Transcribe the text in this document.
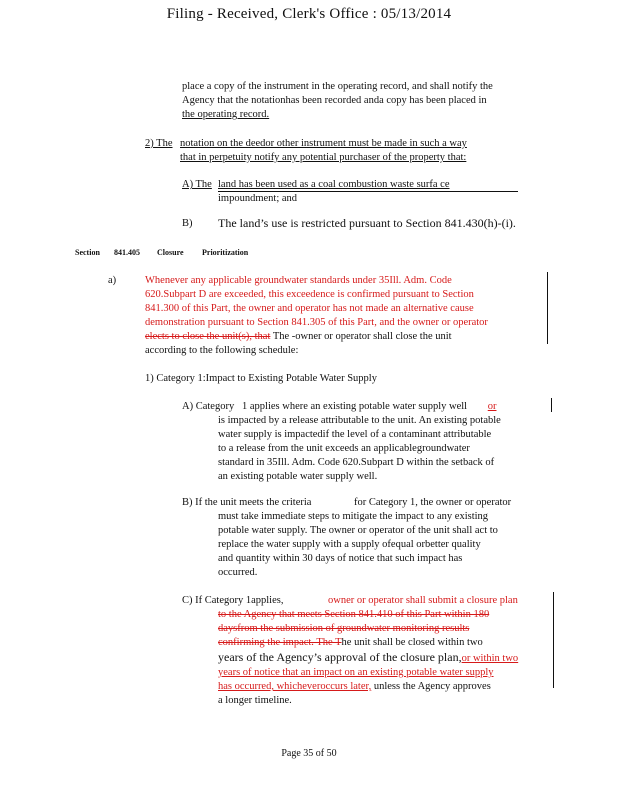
Filing - Received, Clerk's Office : 05/13/2014
place a copy of the instrument in the operating record, and shall notify the
Agency that the notationhas been recorded anda copy has been placed in
the operating record.
2) The notation on the deedor other instrument must be made in such a way
that in perpetuity notify any potential purchaser of the property that:
A) The land has been used as a coal combustion waste surfa ce
impoundment; and
B) The land’s use is restricted pursuant to Section 841.430(h)-(i).
Section 841.405 Closure Prioritization
a)	Whenever any applicable groundwater standards under 35Ill. Adm. Code
620.Subpart D are exceeded, this exceedence is confirmed pursuant to Section
841.300 of this Part, the owner and operator has not made an alternative cause
demonstration pursuant to Section 841.305 of this Part, and the owner or operator
elects to close the unit(s), that The -owner or operator shall close the unit
according to the following schedule:
1) Category 1:Impact to Existing Potable Water Supply
A) Category 1 applies where an existing potable water supply well or
is impacted by a release attributable to the unit. An existing potable
water supply is impactedif the level of a contaminant attributable
to a release from the unit exceeds an applicablegroundwater
standard in 35Ill. Adm. Code 620.Subpart D within the setback of
an existing potable water supply well.
B) If the unit meets the criteria	for Category 1, the owner or operator
must take immediate steps to mitigate the impact to any existing
potable water supply. The owner or operator of the unit shall act to
replace the water supply with a supply ofequal orbetter quality
and quantity within 30 days of notice that such impact has
occurred.
C) If Category 1applies,	owner or operator shall submit a closure plan
to the Agency that meets Section 841.410 of this Part within 180
daysfrom the submission of groundwater monitoring results
confirming the impact. The The unit shall be closed within two
years of the Agency’s approval of the closure plan,or within two
years of notice that an impact on an existing potable water supply
has occurred, whicheveroccurs later, unless the Agency approves
a longer timeline.
Page 35 of 50
